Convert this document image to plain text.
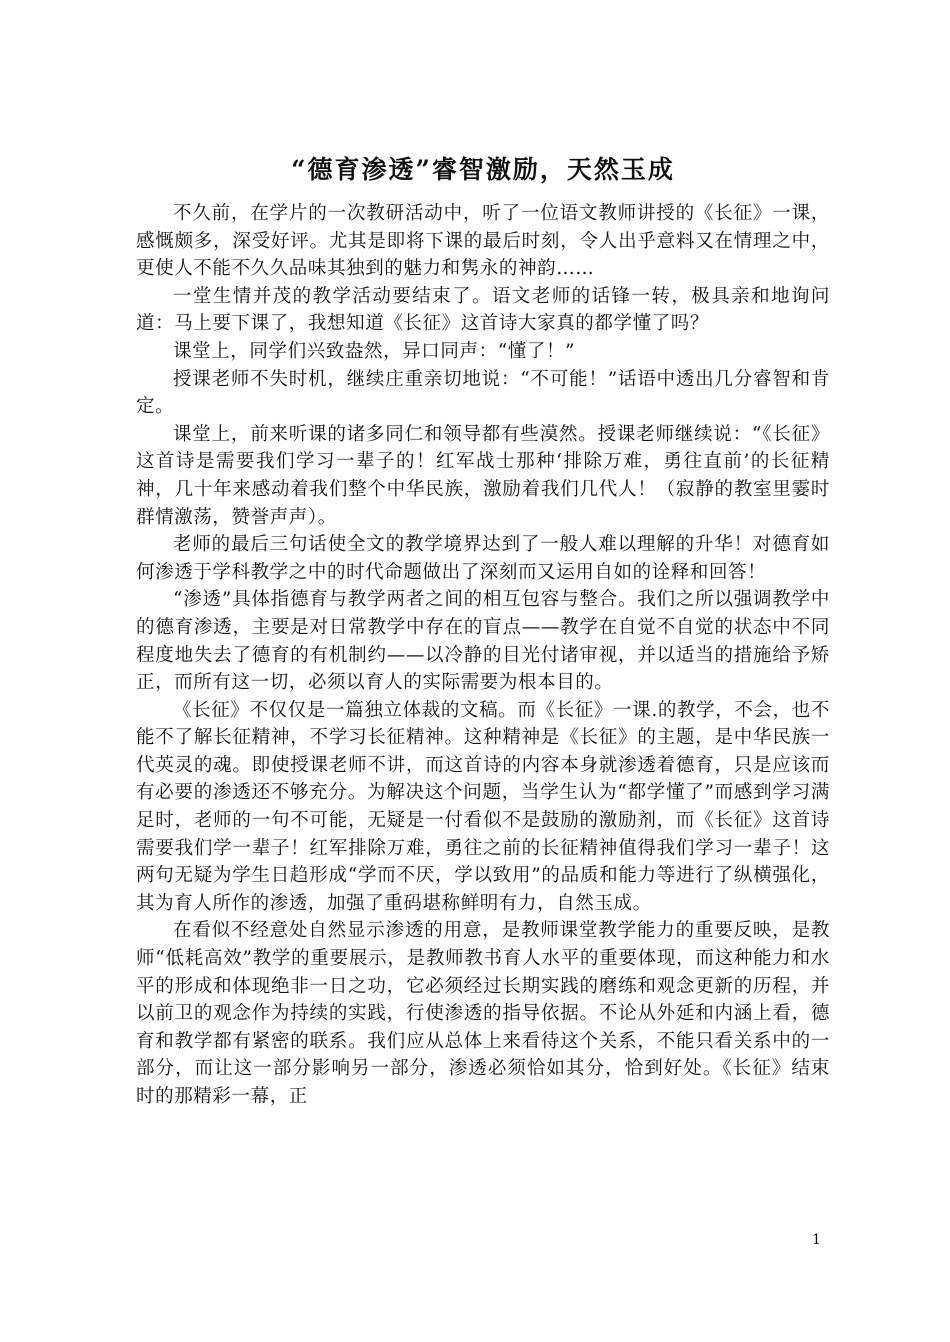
“德育渗透”睿智激励，天然玉成

不久前，在学片的一次教研活动中，听了一位语文教师讲授的《长征》一课，感慨颇多，深受好评。尤其是即将下课的最后时刻，令人出乎意料又在情理之中，更使人不能不久久品味其独到的魅力和隽永的神韵……

一堂生情并茂的教学活动要结束了。语文老师的话锋一转，极具亲和地询问道：马上要下课了，我想知道《长征》这首诗大家真的都学懂了吗？

课堂上，同学们兴致盎然，异口同声：“懂了！”

授课老师不失时机，继续庄重亲切地说：“不可能！”话语中透出几分睿智和肯定。

课堂上，前来听课的诸多同仁和领导都有些漠然。授课老师继续说：“《长征》这首诗是需要我们学习一辈子的！红军战士那种‘排除万难，勇往直前’的长征精神，几十年来感动着我们整个中华民族，激励着我们几代人！（寂静的教室里霎时群情激荡，赞誉声声）。

老师的最后三句话使全文的教学境界达到了一般人难以理解的升华！对德育如何渗透于学科教学之中的时代命题做出了深刻而又运用自如的诠释和回答！

“渗透”具体指德育与教学两者之间的相互包容与整合。我们之所以强调教学中的德育渗透，主要是对日常教学中存在的盲点——教学在自觉不自觉的状态中不同程度地失去了德育的有机制约——以冷静的目光付诸审视，并以适当的措施给予矫正，而所有这一切，必须以育人的实际需要为根本目的。

《长征》不仅仅是一篇独立体裁的文稿。而《长征》一课.的教学，不会，也不能不了解长征精神，不学习长征精神。这种精神是《长征》的主题，是中华民族一代英灵的魂。即使授课老师不讲，而这首诗的内容本身就渗透着德育，只是应该而有必要的渗透还不够充分。为解决这个问题，当学生认为“都学懂了”而感到学习满足时，老师的一句不可能，无疑是一付看似不是鼓励的激励剂，而《长征》这首诗需要我们学一辈子！红军排除万难，勇往之前的长征精神值得我们学习一辈子！这两句无疑为学生日趋形成“学而不厌，学以致用”的品质和能力等进行了纵横强化，其为育人所作的渗透，加强了重码堪称鲜明有力，自然玉成。

在看似不经意处自然显示渗透的用意，是教师课堂教学能力的重要反映，是教师“低耗高效”教学的重要展示，是教师教书育人水平的重要体现，而这种能力和水平的形成和体现绝非一日之功，它必须经过长期实践的磨练和观念更新的历程，并以前卫的观念作为持续的实践，行使渗透的指导依据。不论从外延和内涵上看，德育和教学都有紧密的联系。我们应从总体上来看待这个关系，不能只看关系中的一部分，而让这一部分影响另一部分，渗透必须恰如其分，恰到好处。《长征》结束时的那精彩一幕，正

1
